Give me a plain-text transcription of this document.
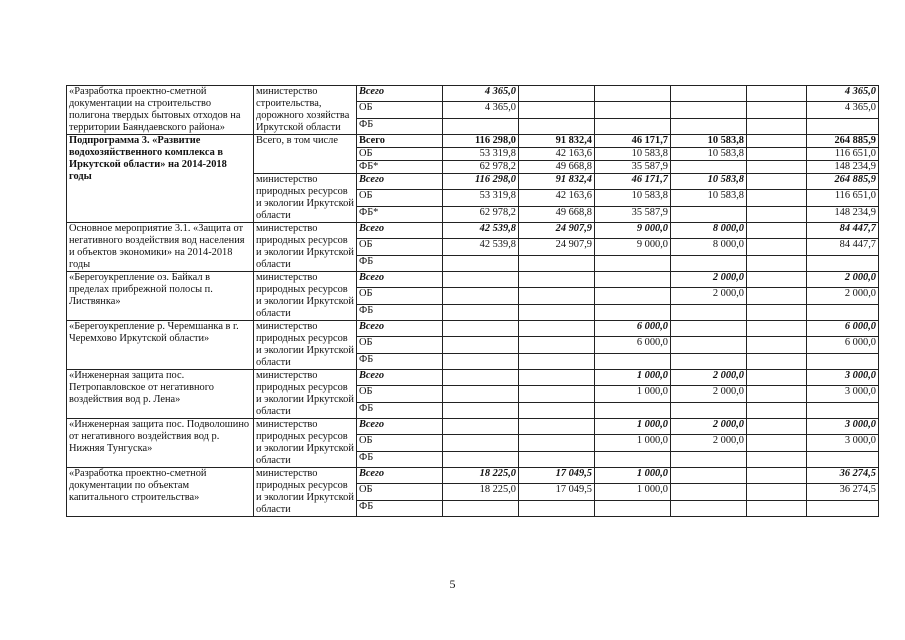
«Разработка проектно-сметной документации на строительство полигона твердых бытовых отходов на территории Баяндаевского района»	министерство строительства, дорожного хозяйства Иркутской области	Всего	4 365,0					4 365,0
		ОБ	4 365,0					4 365,0
		ФБ						
Подпрограмма 3. «Развитие водохозяйственного комплекса в Иркутской области» на 2014-2018 годы	Всего, в том числе	Всего	116 298,0	91 832,4	46 171,7	10 583,8		264 885,9
		ОБ	53 319,8	42 163,6	10 583,8	10 583,8		116 651,0
		ФБ*	62 978,2	49 668,8	35 587,9			148 234,9
	министерство природных ресурсов и экологии Иркутской области	Всего	116 298,0	91 832,4	46 171,7	10 583,8		264 885,9
		ОБ	53 319,8	42 163,6	10 583,8	10 583,8		116 651,0
		ФБ*	62 978,2	49 668,8	35 587,9			148 234,9
Основное мероприятие 3.1. «Защита от негативного воздействия вод населения и объектов экономики» на 2014-2018 годы	министерство природных ресурсов и экологии Иркутской области	Всего	42 539,8	24 907,9	9 000,0	8 000,0		84 447,7
		ОБ	42 539,8	24 907,9	9 000,0	8 000,0		84 447,7
		ФБ						
«Берегоукрепление оз. Байкал в пределах прибрежной полосы п. Листвянка»	министерство природных ресурсов и экологии Иркутской области	Всего				2 000,0		2 000,0
		ОБ				2 000,0		2 000,0
		ФБ						
«Берегоукрепление р. Черемшанка в г. Черемхово Иркутской области»	министерство природных ресурсов и экологии Иркутской области	Всего			6 000,0			6 000,0
		ОБ			6 000,0			6 000,0
		ФБ						
«Инженерная защита пос. Петропавловское от негативного воздействия вод р. Лена»	министерство природных ресурсов и экологии Иркутской области	Всего			1 000,0	2 000,0		3 000,0
		ОБ			1 000,0	2 000,0		3 000,0
		ФБ						
«Инженерная защита пос. Подволошино от негативного воздействия вод р. Нижняя Тунгуска»	министерство природных ресурсов и экологии Иркутской области	Всего			1 000,0	2 000,0		3 000,0
		ОБ			1 000,0	2 000,0		3 000,0
		ФБ						
«Разработка проектно-сметной документации по объектам капитального строительства»	министерство природных ресурсов и экологии Иркутской области	Всего	18 225,0	17 049,5	1 000,0			36 274,5
		ОБ	18 225,0	17 049,5	1 000,0			36 274,5
		ФБ						
5
